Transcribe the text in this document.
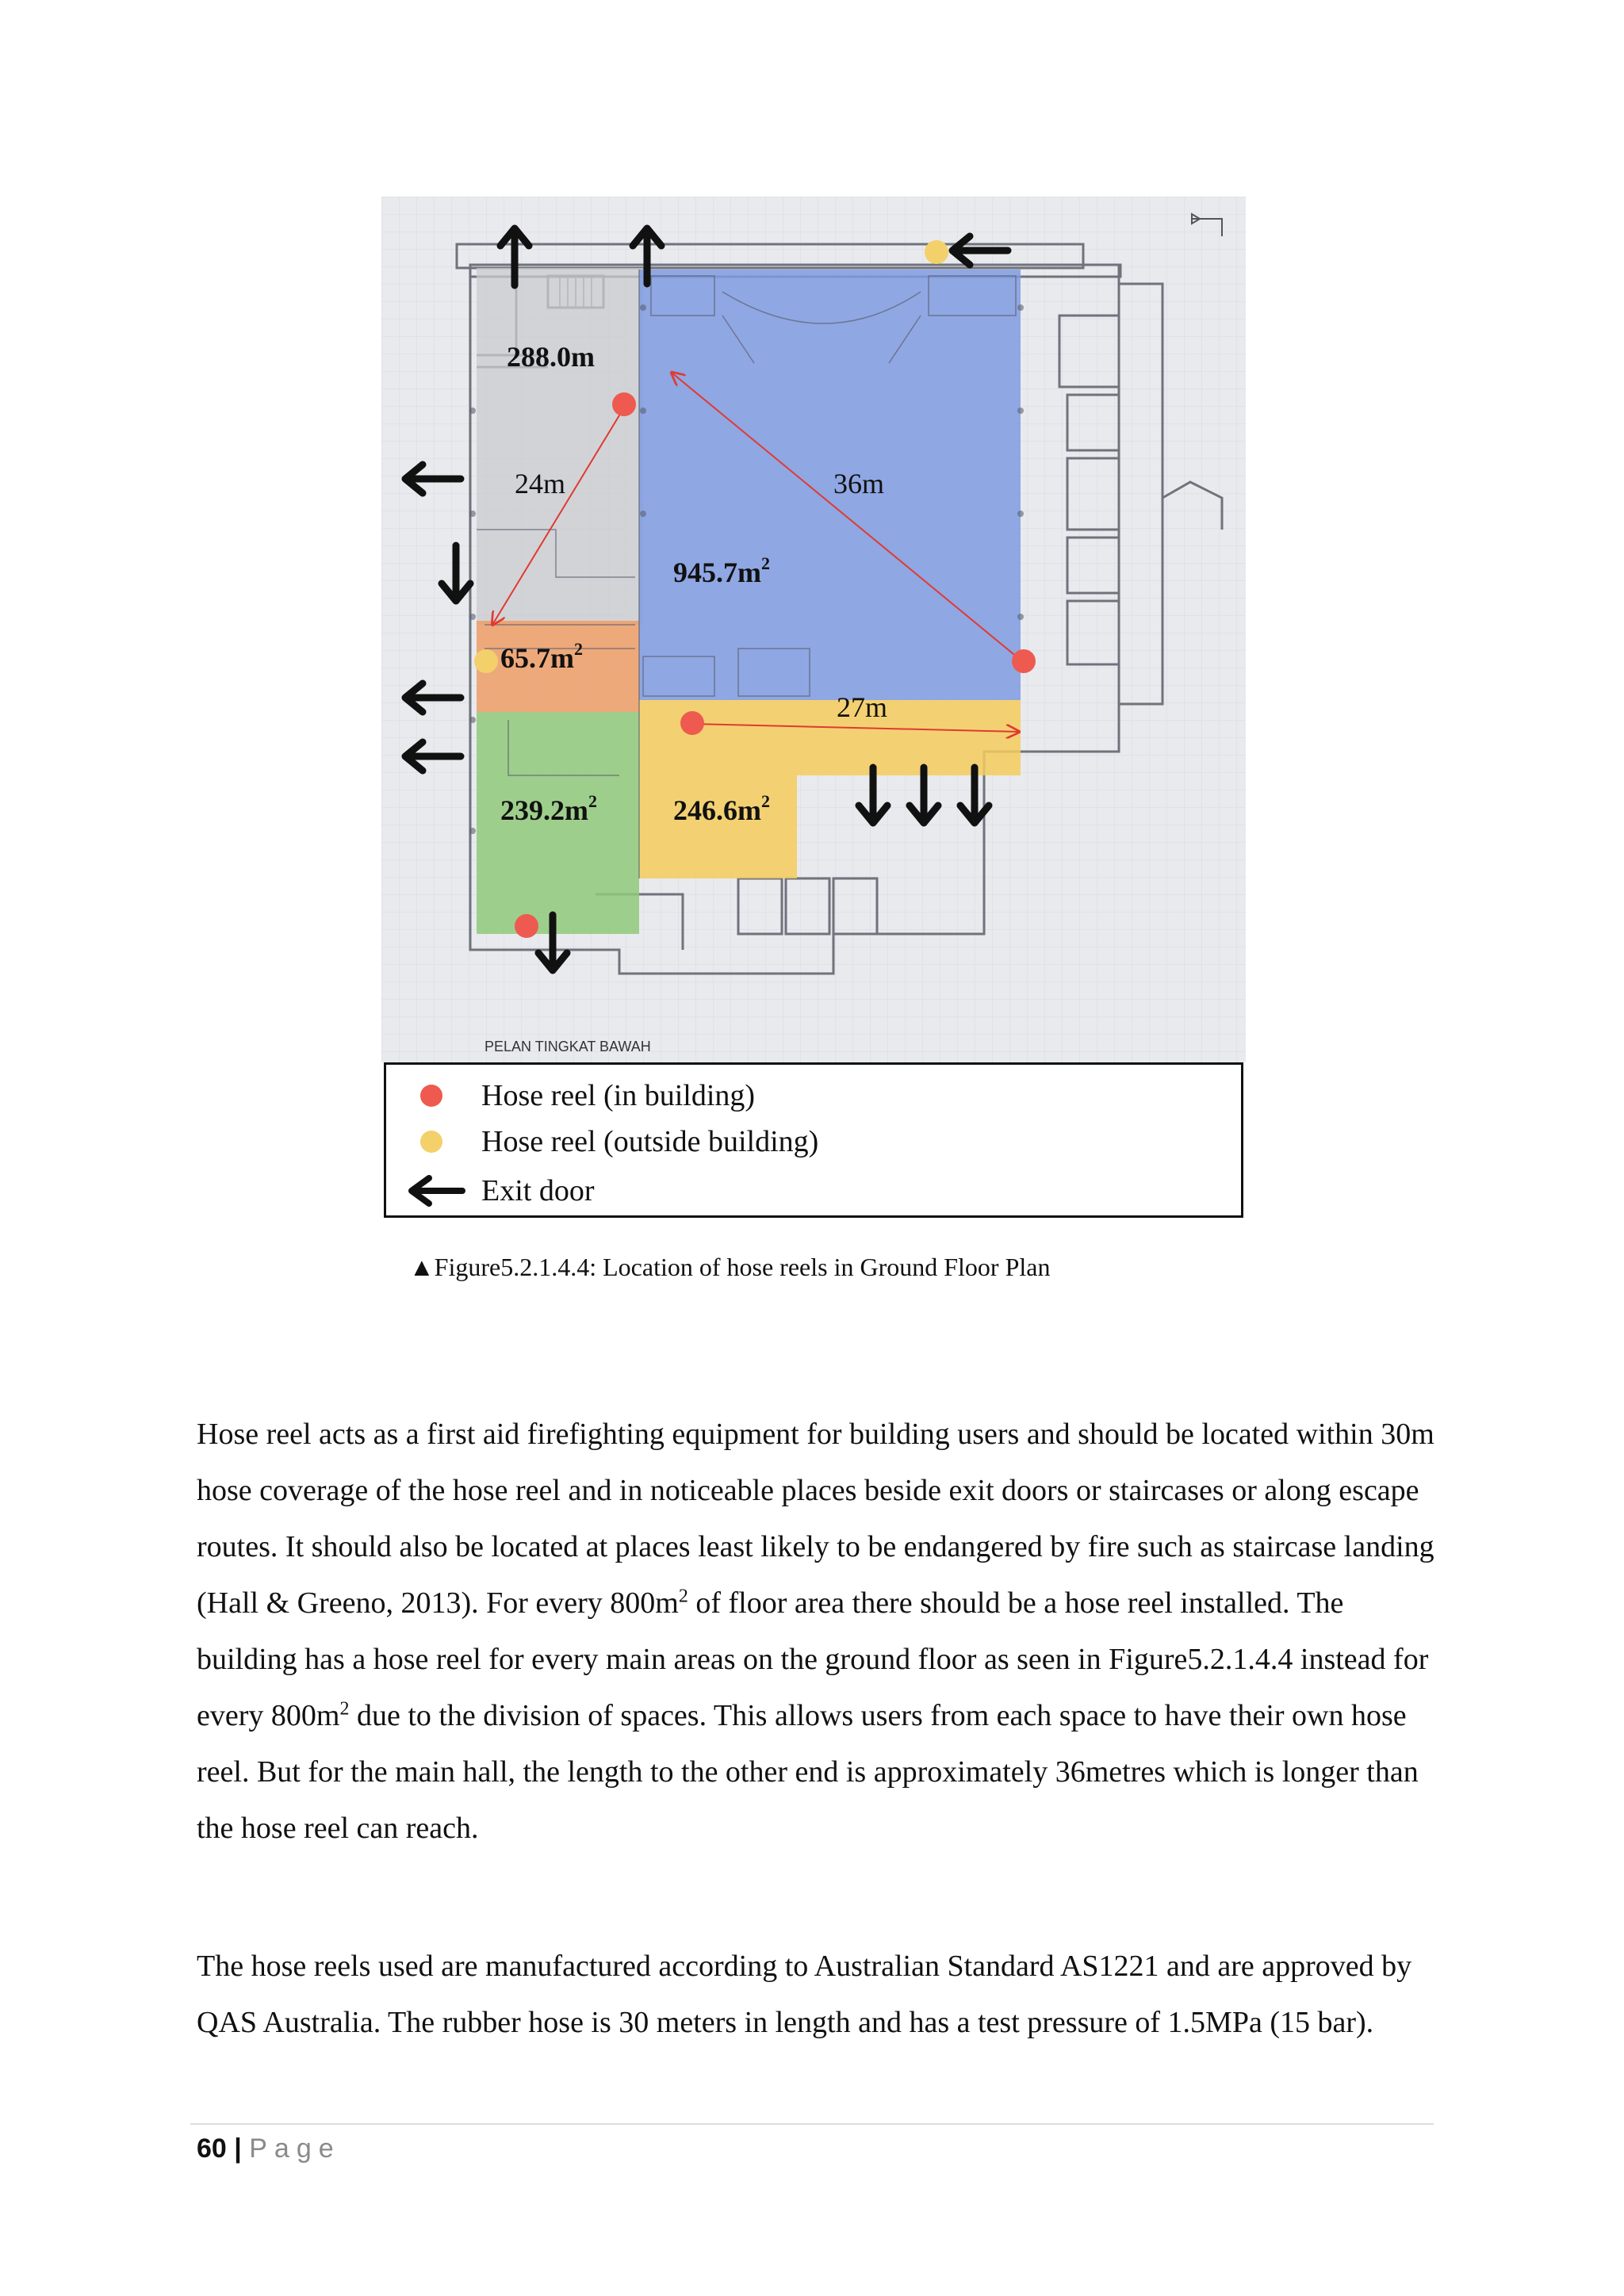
288.0m
$945.7m^2$
$65.7m^2$
$239.2m^2$	$246.6m^2$
24m	36m
27m
PELAN TINGKAT BAWAH
Hose reel (in building)
Hose reel (outside building)
Exit door
▲Figure5.2.1.4.4: Location of hose reels in Ground Floor Plan

Hose reel acts as a first aid firefighting equipment for building users and should be located within 30m hose coverage of the hose reel and in noticeable places beside exit doors or staircases or along escape routes. It should also be located at places least likely to be endangered by fire such as staircase landing (Hall & Greeno, 2013). For every $800m^2$ of floor area there should be a hose reel installed. The building has a hose reel for every main areas on the ground floor as seen in Figure5.2.1.4.4 instead for every $800m^2$ due to the division of spaces. This allows users from each space to have their own hose reel. But for the main hall, the length to the other end is approximately 36metres which is longer than the hose reel can reach.

The hose reels used are manufactured according to Australian Standard AS1221 and are approved by QAS Australia. The rubber hose is 30 meters in length and has a test pressure of 1.5MPa (15 bar).

60 | Page
